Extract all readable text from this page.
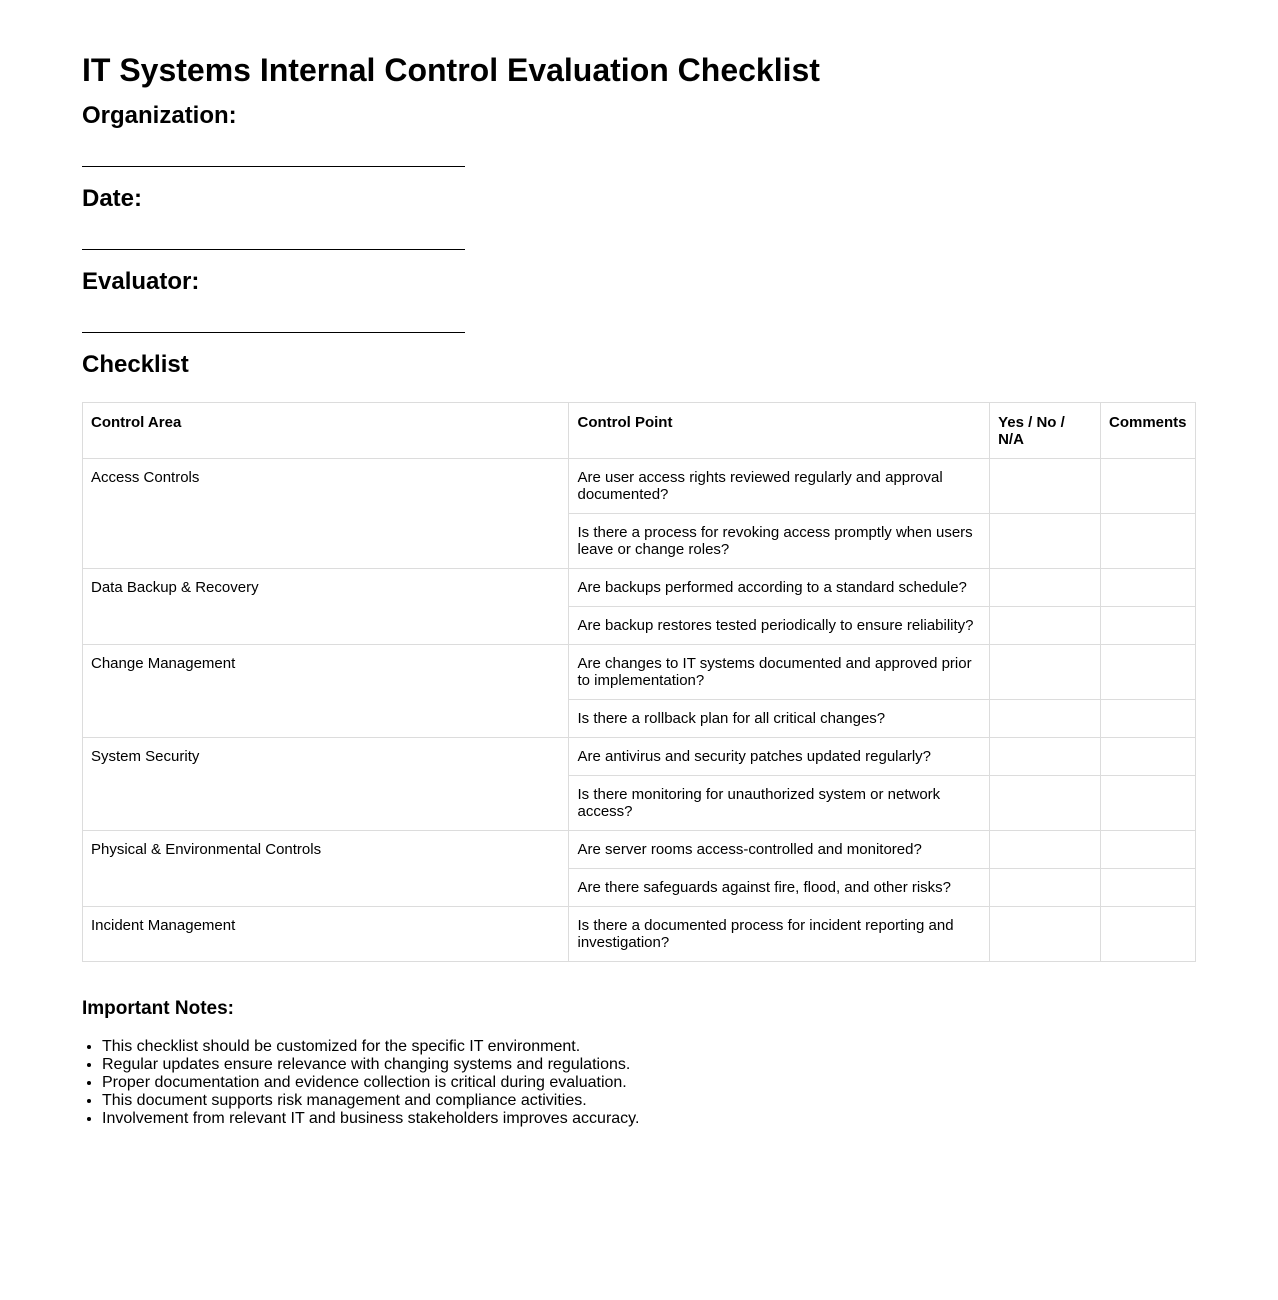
IT Systems Internal Control Evaluation Checklist
Organization:
Date:
Evaluator:
Checklist
Control Area	Control Point	Yes / No / N/A	Comments
Access Controls	Are user access rights reviewed regularly and approval documented?		
	Is there a process for revoking access promptly when users leave or change roles?		
Data Backup & Recovery	Are backups performed according to a standard schedule?		
	Are backup restores tested periodically to ensure reliability?		
Change Management	Are changes to IT systems documented and approved prior to implementation?		
	Is there a rollback plan for all critical changes?		
System Security	Are antivirus and security patches updated regularly?		
	Is there monitoring for unauthorized system or network access?		
Physical & Environmental Controls	Are server rooms access-controlled and monitored?		
	Are there safeguards against fire, flood, and other risks?		
Incident Management	Is there a documented process for incident reporting and investigation?		
Important Notes:
• This checklist should be customized for the specific IT environment.
• Regular updates ensure relevance with changing systems and regulations.
• Proper documentation and evidence collection is critical during evaluation.
• This document supports risk management and compliance activities.
• Involvement from relevant IT and business stakeholders improves accuracy.
